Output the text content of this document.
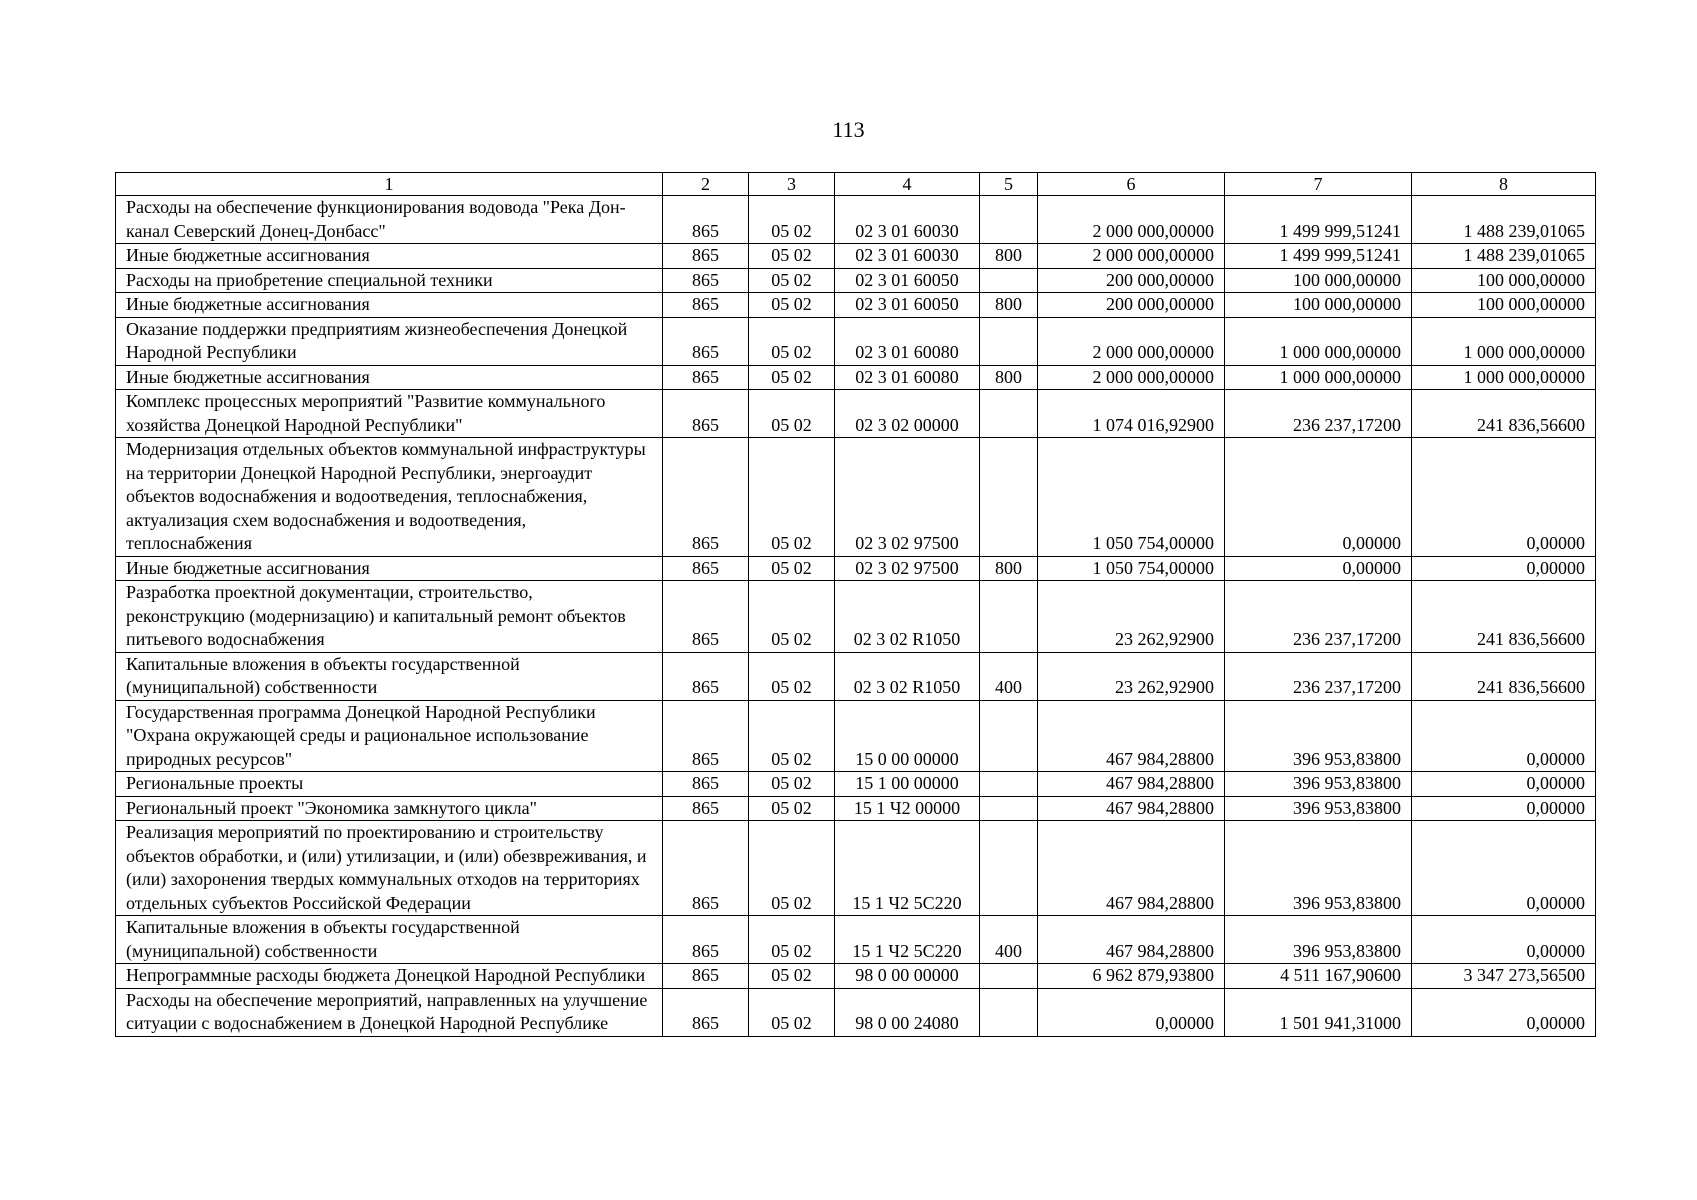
113
1	2	3	4	5	6	7	8
Расходы на обеспечение функционирования водовода "Река Дон-канал Северский Донец-Донбасс"	865	05 02	02 3 01 60030		2 000 000,00000	1 499 999,51241	1 488 239,01065
Иные бюджетные ассигнования	865	05 02	02 3 01 60030	800	2 000 000,00000	1 499 999,51241	1 488 239,01065
Расходы на приобретение специальной техники	865	05 02	02 3 01 60050		200 000,00000	100 000,00000	100 000,00000
Иные бюджетные ассигнования	865	05 02	02 3 01 60050	800	200 000,00000	100 000,00000	100 000,00000
Оказание поддержки предприятиям жизнеобеспечения Донецкой Народной Республики	865	05 02	02 3 01 60080		2 000 000,00000	1 000 000,00000	1 000 000,00000
Иные бюджетные ассигнования	865	05 02	02 3 01 60080	800	2 000 000,00000	1 000 000,00000	1 000 000,00000
Комплекс процессных мероприятий "Развитие коммунального хозяйства Донецкой Народной Республики"	865	05 02	02 3 02 00000		1 074 016,92900	236 237,17200	241 836,56600
Модернизация отдельных объектов коммунальной инфраструктуры на территории Донецкой Народной Республики, энергоаудит объектов водоснабжения и водоотведения, теплоснабжения, актуализация схем водоснабжения и водоотведения, теплоснабжения	865	05 02	02 3 02 97500		1 050 754,00000	0,00000	0,00000
Иные бюджетные ассигнования	865	05 02	02 3 02 97500	800	1 050 754,00000	0,00000	0,00000
Разработка проектной документации, строительство, реконструкцию (модернизацию) и капитальный ремонт объектов питьевого водоснабжения	865	05 02	02 3 02 R1050		23 262,92900	236 237,17200	241 836,56600
Капитальные вложения в объекты государственной (муниципальной) собственности	865	05 02	02 3 02 R1050	400	23 262,92900	236 237,17200	241 836,56600
Государственная программа Донецкой Народной Республики "Охрана окружающей среды и рациональное использование природных ресурсов"	865	05 02	15 0 00 00000		467 984,28800	396 953,83800	0,00000
Региональные проекты	865	05 02	15 1 00 00000		467 984,28800	396 953,83800	0,00000
Региональный проект "Экономика замкнутого цикла"	865	05 02	15 1 Ч2 00000		467 984,28800	396 953,83800	0,00000
Реализация мероприятий по проектированию и строительству объектов обработки, и (или) утилизации, и (или) обезвреживания, и (или) захоронения твердых коммунальных отходов на территориях отдельных субъектов Российской Федерации	865	05 02	15 1 Ч2 5С220		467 984,28800	396 953,83800	0,00000
Капитальные вложения в объекты государственной (муниципальной) собственности	865	05 02	15 1 Ч2 5С220	400	467 984,28800	396 953,83800	0,00000
Непрограммные расходы бюджета Донецкой Народной Республики	865	05 02	98 0 00 00000		6 962 879,93800	4 511 167,90600	3 347 273,56500
Расходы на обеспечение мероприятий, направленных на улучшение ситуации с водоснабжением в Донецкой Народной Республике	865	05 02	98 0 00 24080		0,00000	1 501 941,31000	0,00000
